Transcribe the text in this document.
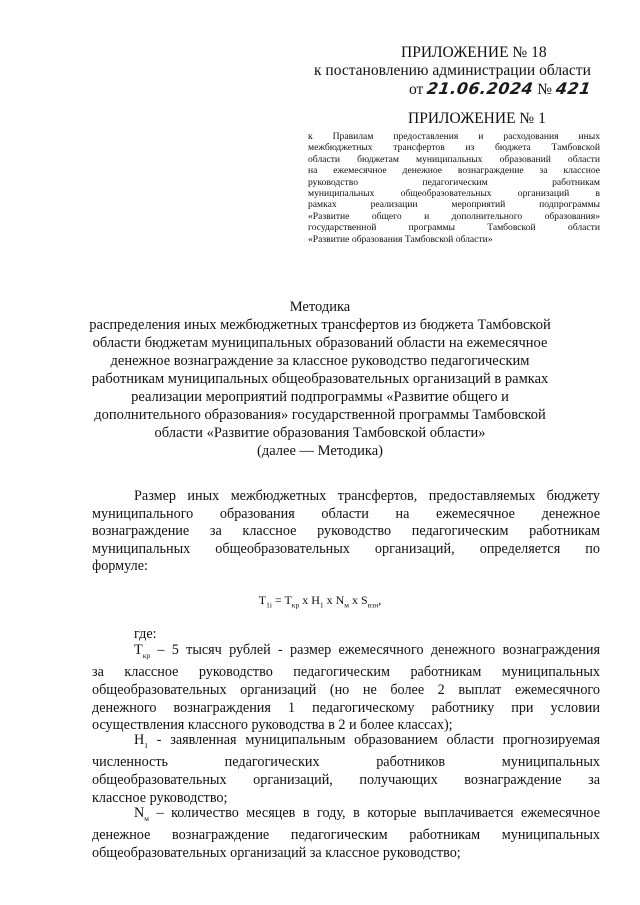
ПРИЛОЖЕНИЕ № 18
к постановлению администрации области
от 21.06.2024 № 421
ПРИЛОЖЕНИЕ № 1
к Правилам предоставления и расходования иных
межбюджетных трансфертов из бюджета Тамбовской
области бюджетам муниципальных образований области
на ежемесячное денежное вознаграждение за классное
руководство педагогическим работникам
муниципальных общеобразовательных организаций в
рамках реализации мероприятий подпрограммы
«Развитие общего и дополнительного образования»
государственной программы Тамбовской области
«Развитие образования Тамбовской области»
Методика
распределения иных межбюджетных трансфертов из бюджета Тамбовской
области бюджетам муниципальных образований области на ежемесячное
денежное вознаграждение за классное руководство педагогическим
работникам муниципальных общеобразовательных организаций в рамках
реализации мероприятий подпрограммы «Развитие общего и
дополнительного образования» государственной программы Тамбовской
области «Развитие образования Тамбовской области»
(далее — Методика)
Размер иных межбюджетных трансфертов, предоставляемых бюджету
муниципального образования области на ежемесячное денежное
вознаграждение за классное руководство педагогическим работникам
муниципальных общеобразовательных организаций, определяется по
формуле:
$T_{1i} = T_{кр}$ x $H_1$ x $N_м$ x $S_{взн}$,
где:
$T_{кр} - 5$ тысяч рублей - размер ежемесячного денежного вознаграждения
за классное руководство педагогическим работникам муниципальных
общеобразовательных организаций (но не более 2 выплат ежемесячного
денежного вознаграждения 1 педагогическому работнику при условии
осуществления классного руководства в 2 и более классах);
$H_1$ - заявленная муниципальным образованием области прогнозируемая
численность педагогических работников муниципальных
общеобразовательных организаций, получающих вознаграждение за
классное руководство;
$N_м$ – количество месяцев в году, в которые выплачивается ежемесячное
денежное вознаграждение педагогическим работникам муниципальных
общеобразовательных организаций за классное руководство;
